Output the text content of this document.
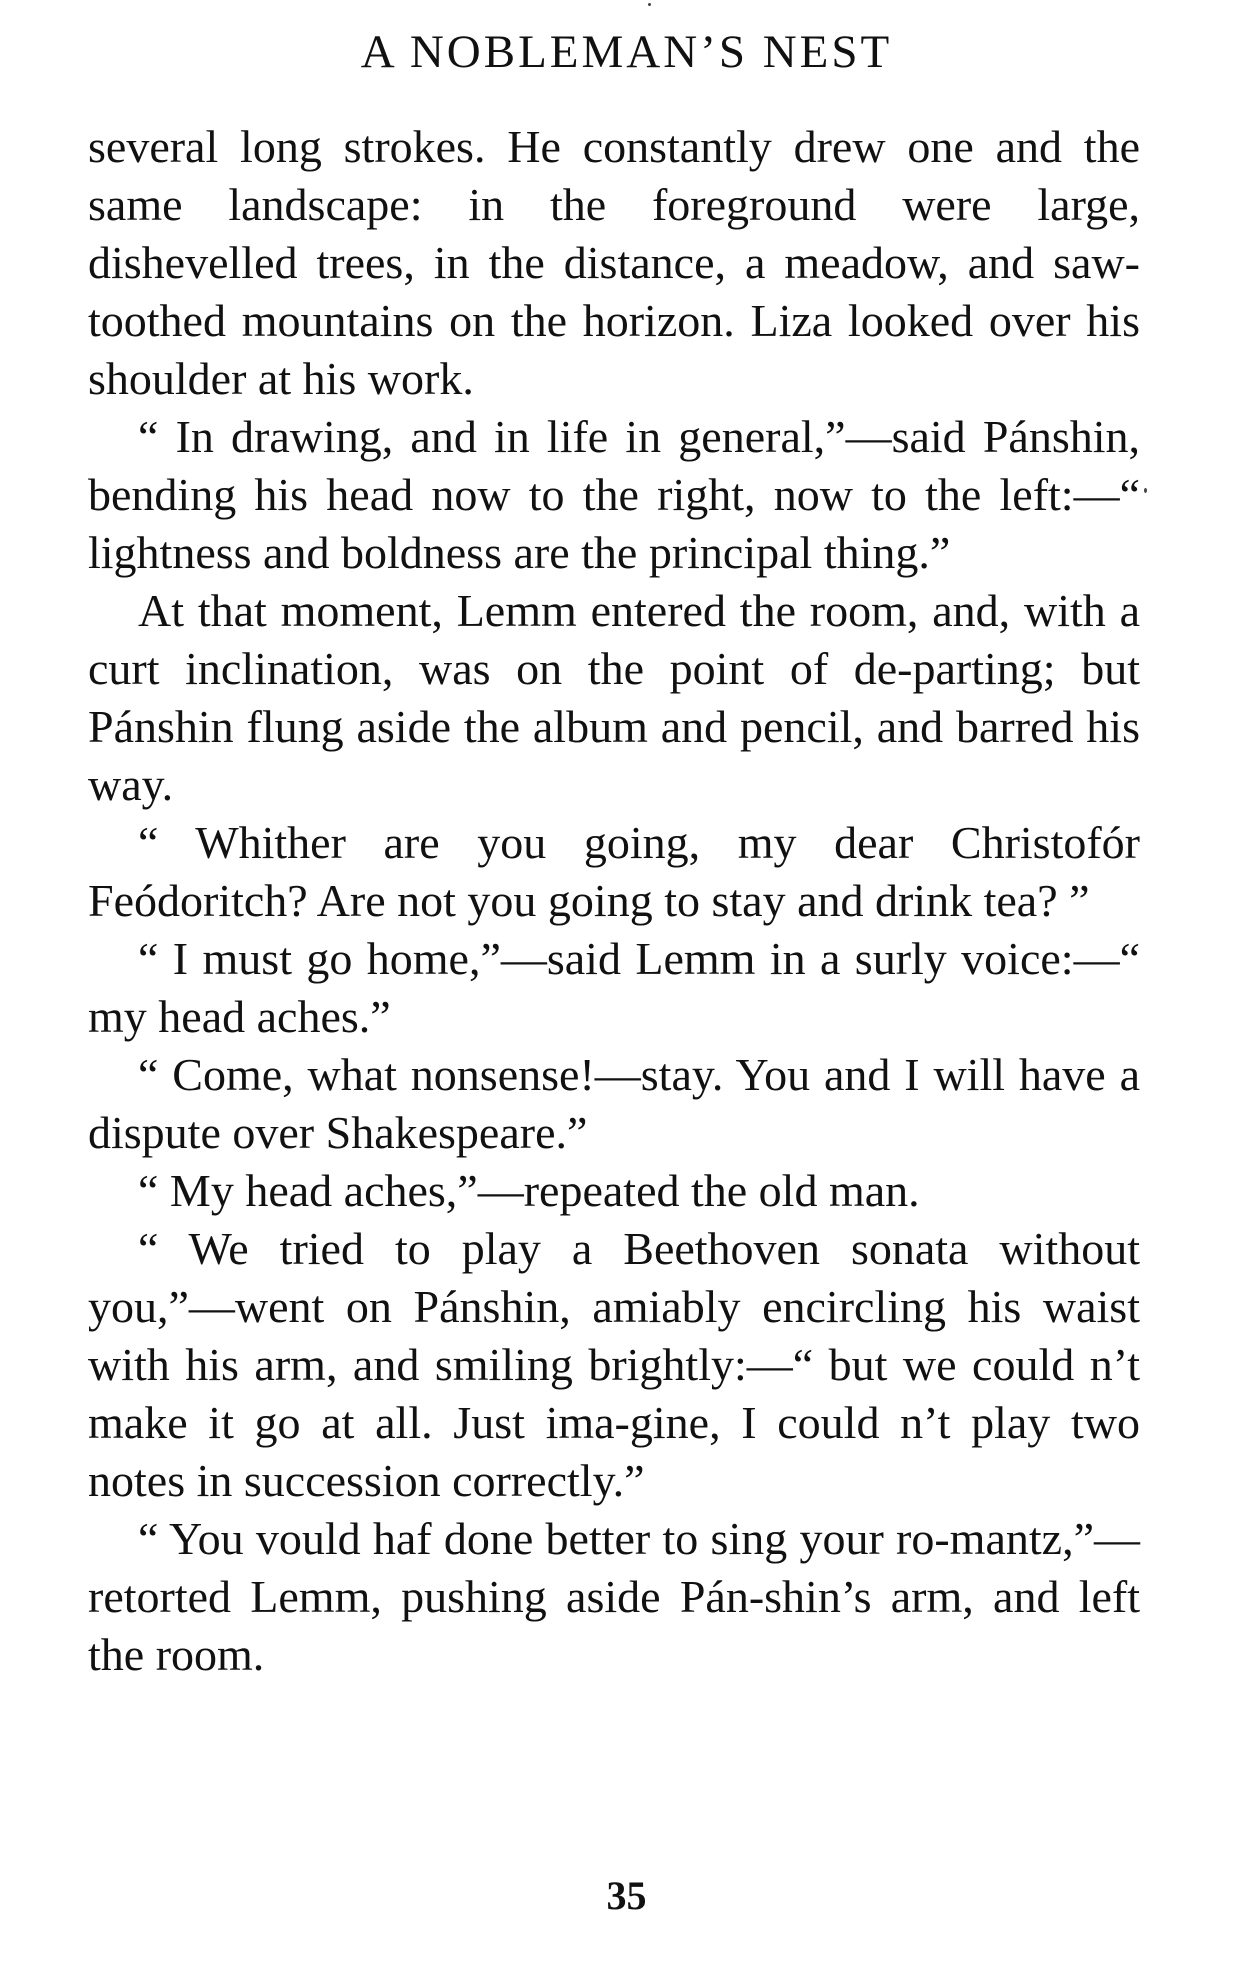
A NOBLEMAN’S NEST

several long strokes. He constantly drew one and the same landscape: in the foreground were large, dishevelled trees, in the distance, a meadow, and saw-toothed mountains on the horizon. Liza looked over his shoulder at his work.

“ In drawing, and in life in general,”—said Pánshin, bending his head now to the right, now to the left:—“ lightness and boldness are the principal thing.”

At that moment, Lemm entered the room, and, with a curt inclination, was on the point of de-parting; but Pánshin flung aside the album and pencil, and barred his way.

“ Whither are you going, my dear Christofór Feódoritch? Are not you going to stay and drink tea? ”

“ I must go home,”—said Lemm in a surly voice:—“ my head aches.”

“ Come, what nonsense!—stay. You and I will have a dispute over Shakespeare.”

“ My head aches,”—repeated the old man.

“ We tried to play a Beethoven sonata without you,”—went on Pánshin, amiably encircling his waist with his arm, and smiling brightly:—“ but we could n’t make it go at all. Just ima-gine, I could n’t play two notes in succession correctly.”

“ You vould haf done better to sing your ro-mantz,”—retorted Lemm, pushing aside Pán-shin’s arm, and left the room.

35
